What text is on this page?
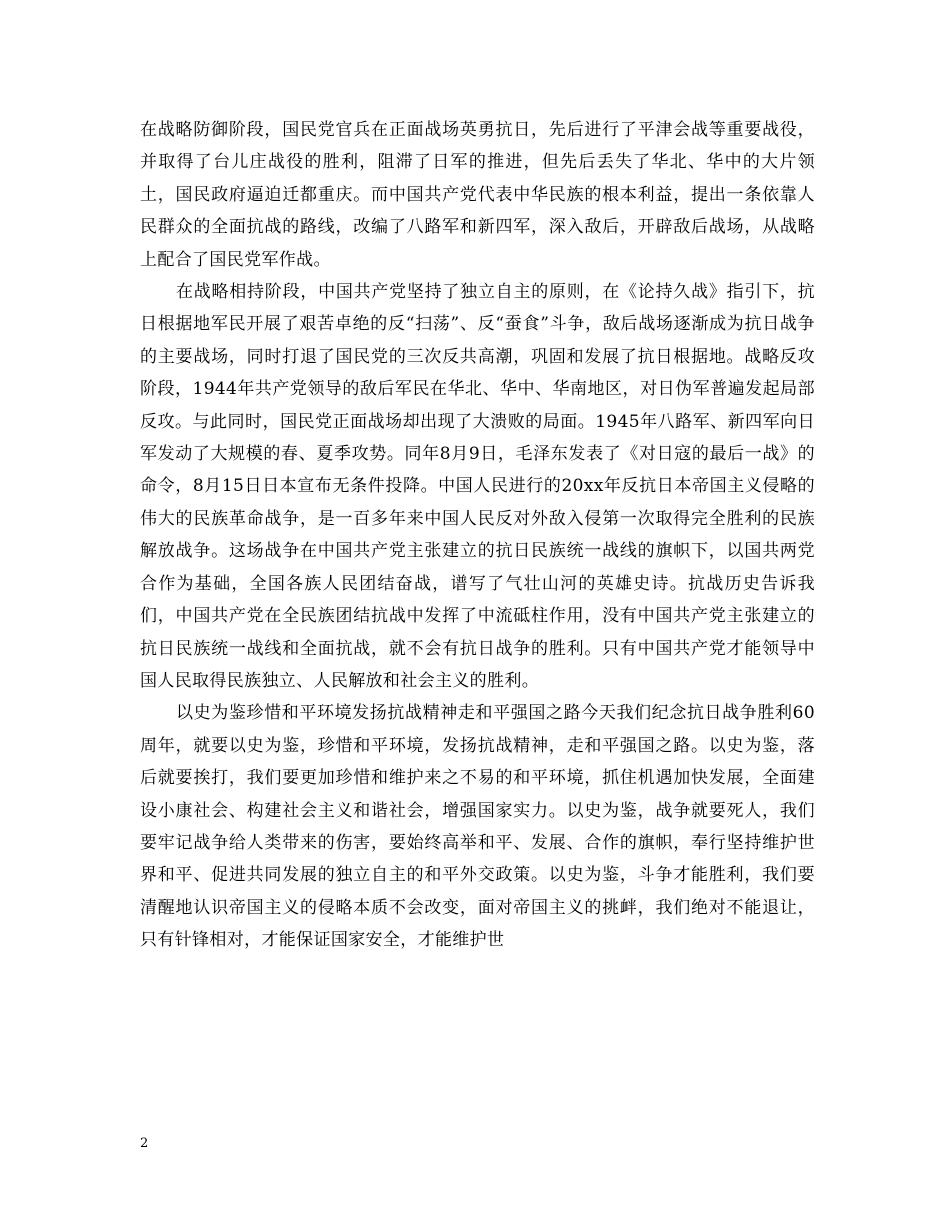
在战略防御阶段，国民党官兵在正面战场英勇抗日，先后进行了平津会战等重要战役，并取得了台儿庄战役的胜利，阻滞了日军的推进，但先后丢失了华北、华中的大片领土，国民政府逼迫迁都重庆。而中国共产党代表中华民族的根本利益，提出一条依靠人民群众的全面抗战的路线，改编了八路军和新四军，深入敌后，开辟敌后战场，从战略上配合了国民党军作战。

在战略相持阶段，中国共产党坚持了独立自主的原则，在《论持久战》指引下，抗日根据地军民开展了艰苦卓绝的反“扫荡”、反“蚕食”斗争，敌后战场逐渐成为抗日战争的主要战场，同时打退了国民党的三次反共高潮，巩固和发展了抗日根据地。战略反攻阶段，1944年共产党领导的敌后军民在华北、华中、华南地区，对日伪军普遍发起局部反攻。与此同时，国民党正面战场却出现了大溃败的局面。1945年八路军、新四军向日军发动了大规模的春、夏季攻势。同年8月9日，毛泽东发表了《对日寇的最后一战》的命令，8月15日日本宣布无条件投降。中国人民进行的20xx年反抗日本帝国主义侵略的伟大的民族革命战争，是一百多年来中国人民反对外敌入侵第一次取得完全胜利的民族解放战争。这场战争在中国共产党主张建立的抗日民族统一战线的旗帜下，以国共两党合作为基础，全国各族人民团结奋战，谱写了气壮山河的英雄史诗。抗战历史告诉我们，中国共产党在全民族团结抗战中发挥了中流砥柱作用，没有中国共产党主张建立的抗日民族统一战线和全面抗战，就不会有抗日战争的胜利。只有中国共产党才能领导中国人民取得民族独立、人民解放和社会主义的胜利。

以史为鉴珍惜和平环境发扬抗战精神走和平强国之路今天我们纪念抗日战争胜利60周年，就要以史为鉴，珍惜和平环境，发扬抗战精神，走和平强国之路。以史为鉴，落后就要挨打，我们要更加珍惜和维护来之不易的和平环境，抓住机遇加快发展，全面建设小康社会、构建社会主义和谐社会，增强国家实力。以史为鉴，战争就要死人，我们要牢记战争给人类带来的伤害，要始终高举和平、发展、合作的旗帜，奉行坚持维护世界和平、促进共同发展的独立自主的和平外交政策。以史为鉴，斗争才能胜利，我们要清醒地认识帝国主义的侵略本质不会改变，面对帝国主义的挑衅，我们绝对不能退让，只有针锋相对，才能保证国家安全，才能维护世

2
